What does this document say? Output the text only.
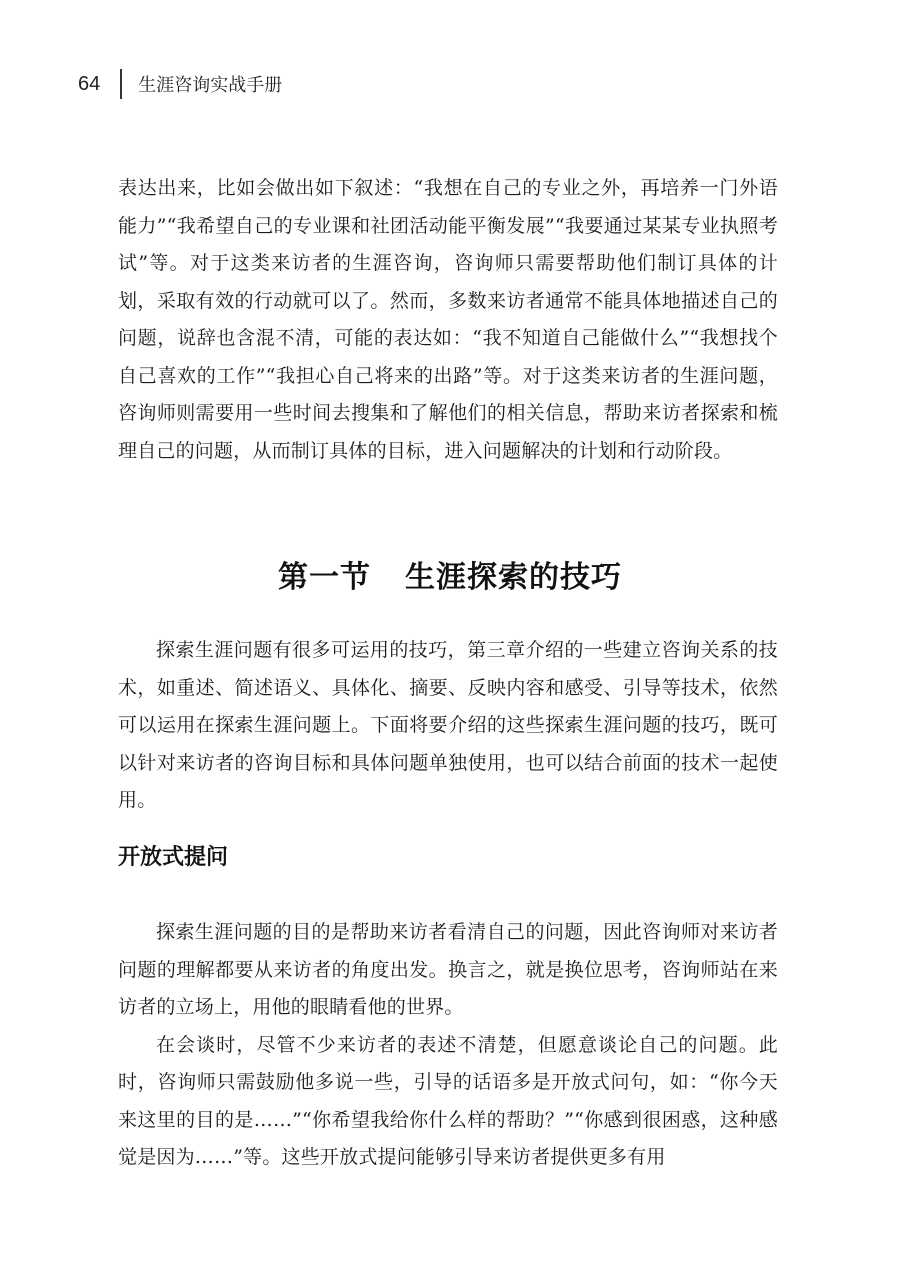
64 生涯咨询实战手册

表达出来，比如会做出如下叙述：“我想在自己的专业之外，再培养一门外语能力”“我希望自己的专业课和社团活动能平衡发展”“我要通过某某专业执照考试”等。对于这类来访者的生涯咨询，咨询师只需要帮助他们制订具体的计划，采取有效的行动就可以了。然而，多数来访者通常不能具体地描述自己的问题，说辞也含混不清，可能的表达如：“我不知道自己能做什么”“我想找个自己喜欢的工作”“我担心自己将来的出路”等。对于这类来访者的生涯问题，咨询师则需要用一些时间去搜集和了解他们的相关信息，帮助来访者探索和梳理自己的问题，从而制订具体的目标，进入问题解决的计划和行动阶段。

第一节 生涯探索的技巧

探索生涯问题有很多可运用的技巧，第三章介绍的一些建立咨询关系的技术，如重述、简述语义、具体化、摘要、反映内容和感受、引导等技术，依然可以运用在探索生涯问题上。下面将要介绍的这些探索生涯问题的技巧，既可以针对来访者的咨询目标和具体问题单独使用，也可以结合前面的技术一起使用。

开放式提问

探索生涯问题的目的是帮助来访者看清自己的问题，因此咨询师对来访者问题的理解都要从来访者的角度出发。换言之，就是换位思考，咨询师站在来访者的立场上，用他的眼睛看他的世界。

在会谈时，尽管不少来访者的表述不清楚，但愿意谈论自己的问题。此时，咨询师只需鼓励他多说一些，引导的话语多是开放式问句，如：“你今天来这里的目的是……”“你希望我给你什么样的帮助？”“你感到很困惑，这种感觉是因为……”等。这些开放式提问能够引导来访者提供更多有用
